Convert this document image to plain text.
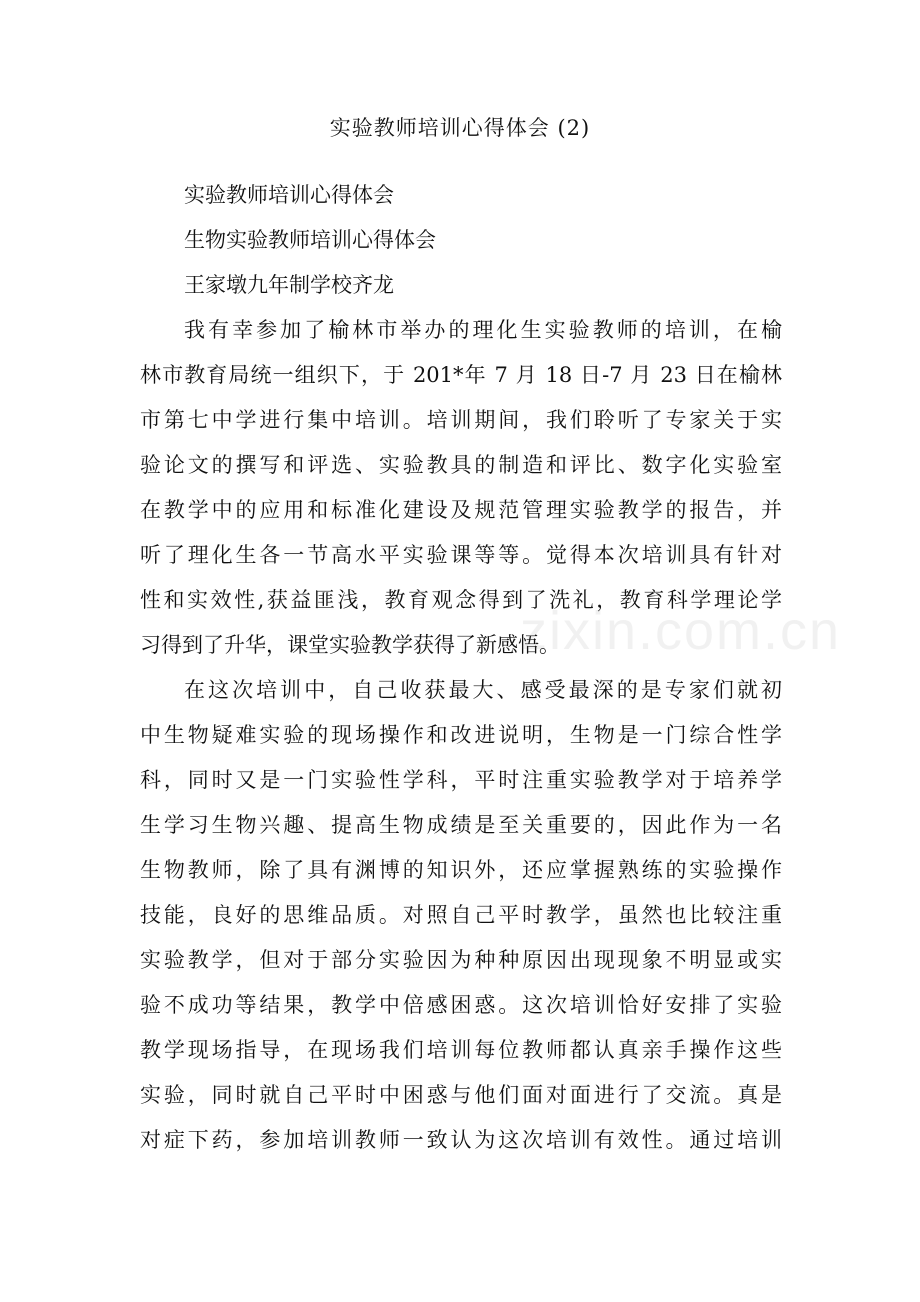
实验教师培训心得体会 (2)
实验教师培训心得体会
生物实验教师培训心得体会
王家墩九年制学校齐龙
我有幸参加了榆林市举办的理化生实验教师的培训，在榆
林市教育局统一组织下，于 201*年 7 月 18 日-7 月 23 日在榆林
市第七中学进行集中培训。培训期间，我们聆听了专家关于实
验论文的撰写和评选、实验教具的制造和评比、数字化实验室
在教学中的应用和标准化建设及规范管理实验教学的报告，并
听了理化生各一节高水平实验课等等。觉得本次培训具有针对
性和实效性,获益匪浅，教育观念得到了洗礼，教育科学理论学
习得到了升华，课堂实验教学获得了新感悟。
在这次培训中，自己收获最大、感受最深的是专家们就初
中生物疑难实验的现场操作和改进说明，生物是一门综合性学
科，同时又是一门实验性学科，平时注重实验教学对于培养学
生学习生物兴趣、提高生物成绩是至关重要的，因此作为一名
生物教师，除了具有渊博的知识外，还应掌握熟练的实验操作
技能，良好的思维品质。对照自己平时教学，虽然也比较注重
实验教学，但对于部分实验因为种种原因出现现象不明显或实
验不成功等结果，教学中倍感困惑。这次培训恰好安排了实验
教学现场指导，在现场我们培训每位教师都认真亲手操作这些
实验，同时就自己平时中困惑与他们面对面进行了交流。真是
对症下药，参加培训教师一致认为这次培训有效性。通过培训
zixin.com.cn
